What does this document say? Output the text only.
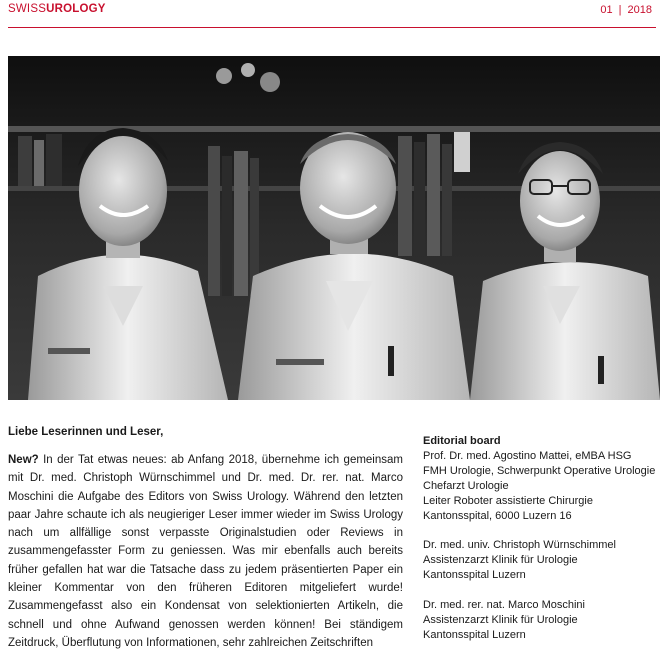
SWISSUROLOGY	01 | 2018
Liebe Leserinnen und Leser,
New? In der Tat etwas neues: ab Anfang 2018, übernehme ich gemeinsam mit Dr. med. Christoph Würnschimmel und Dr. med. Dr. rer. nat. Marco Moschini die Aufgabe des Editors von Swiss Urology. Während den letzten paar Jahre schaute ich als neugieriger Leser immer wieder im Swiss Urology nach um allfällige sonst verpasste Originalstudien oder Reviews in zusammengefasster Form zu geniessen. Was mir ebenfalls auch bereits früher gefallen hat war die Tatsache dass zu jedem präsentierten Paper ein kleiner Kommentar von den früheren Editoren mitgeliefert wurde! Zusammengefasst also ein Kondensat von selektionierten Artikeln, die schnell und ohne Aufwand genossen werden können! Bei ständigem Zeitdruck, Überflutung von Informationen, sehr zahlreichen Zeitschriften
Editorial board
Prof. Dr. med. Agostino Mattei, eMBA HSG
FMH Urologie, Schwerpunkt Operative Urologie
Chefarzt Urologie
Leiter Roboter assistierte Chirurgie
Kantonsspital, 6000 Luzern 16
Dr. med. univ. Christoph Würnschimmel
Assistenzarzt Klinik für Urologie
Kantonsspital Luzern
Dr. med. rer. nat. Marco Moschini
Assistenzarzt Klinik für Urologie
Kantonsspital Luzern
